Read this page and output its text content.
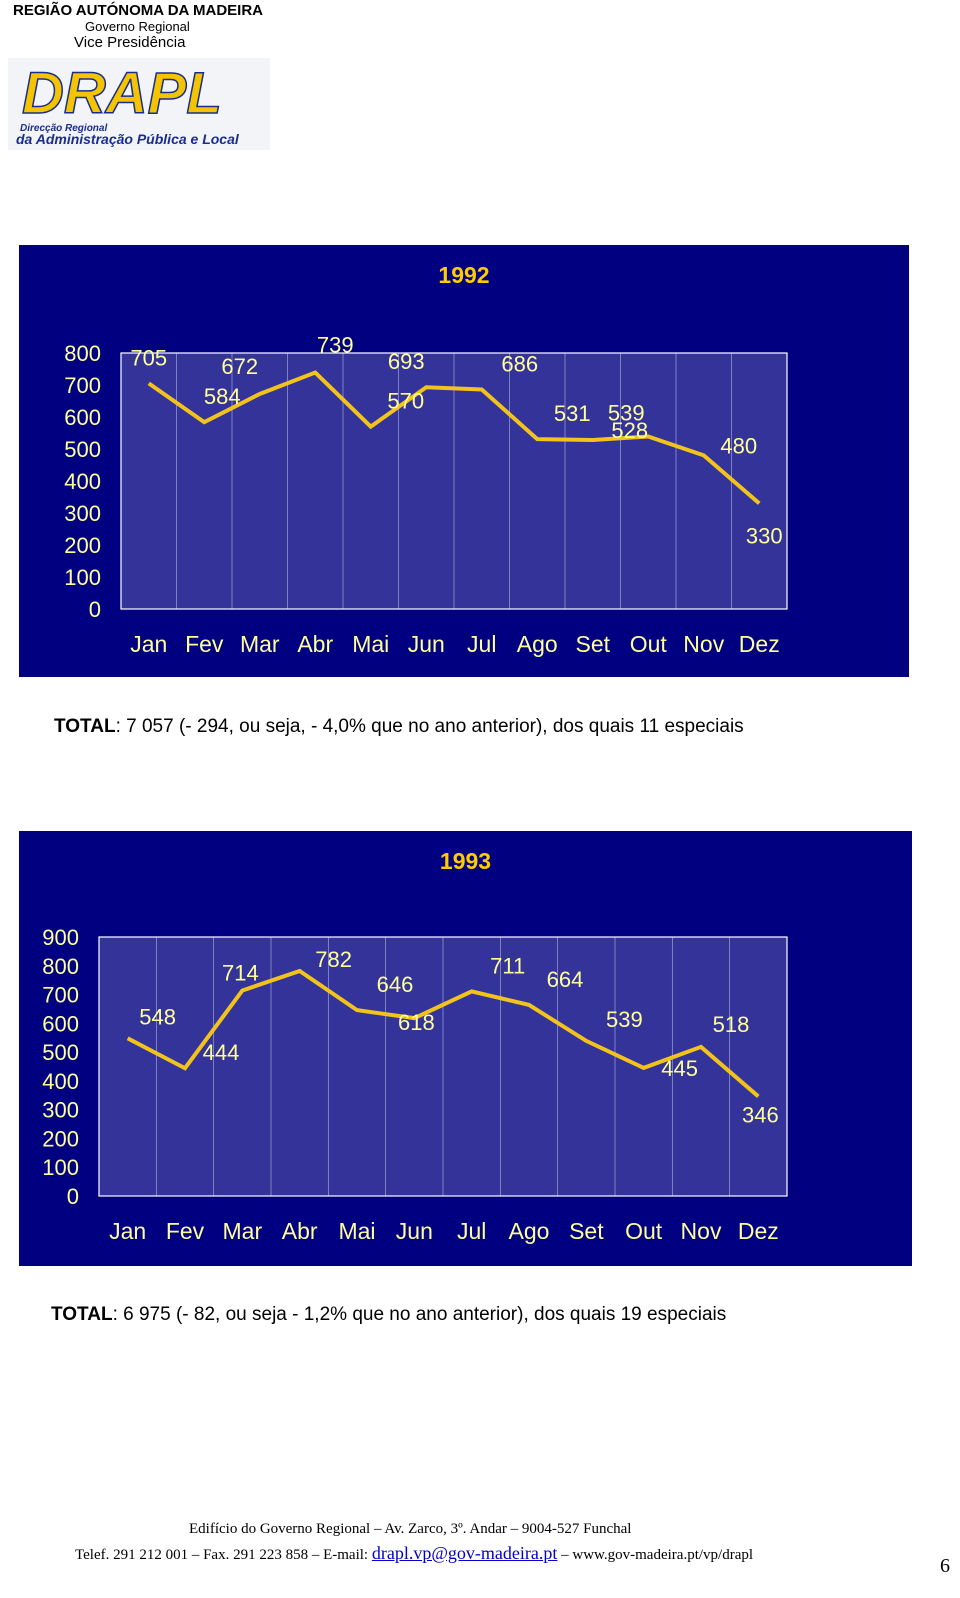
REGIÃO AUTÓNOMA DA MADEIRA
Governo Regional
Vice Presidência
DRAPL
Direcção Regional
da Administração Pública e Local
1992
800
700
600
500
400
300
200
100
0
Jan Fev Mar Abr Mai Jun Jul Ago Set Out Nov Dez
705
584
672
739
570
693	686
531
528
539
480
330
TOTAL: 7 057 (- 294, ou seja, - 4,0% que no ano anterior), dos quais 11 especiais
1993
900
800
700
600
500
400
300
200
100
0
Jan Fev Mar Abr Mai Jun Jul Ago Set Out Nov Dez
548
444
714
782
646
618
711
664
539
445
518
346
TOTAL: 6 975 (- 82, ou seja - 1,2% que no ano anterior), dos quais 19 especiais
Edifício do Governo Regional – Av. Zarco, 3º. Andar – 9004-527 Funchal
Telef. 291 212 001 – Fax. 291 223 858 – E-mail: drapl.vp@gov-madeira.pt – www.gov-madeira.pt/vp/drapl	6
